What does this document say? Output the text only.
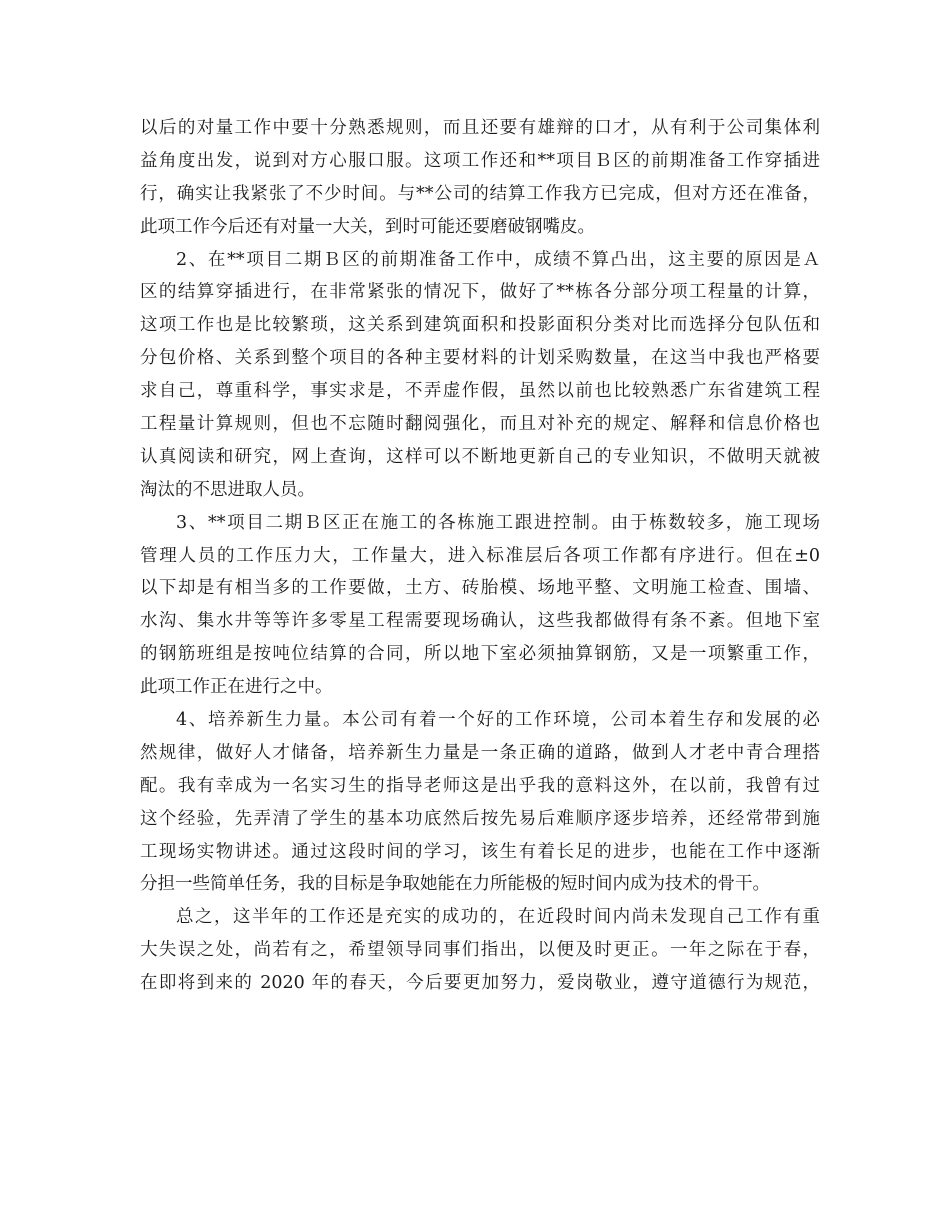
以后的对量工作中要十分熟悉规则，而且还要有雄辩的口才，从有利于公司集体利
益角度出发，说到对方心服口服。这项工作还和**项目Ｂ区的前期准备工作穿插进
行，确实让我紧张了不少时间。与**公司的结算工作我方已完成，但对方还在准备，
此项工作今后还有对量一大关，到时可能还要磨破钢嘴皮。
2、在**项目二期Ｂ区的前期准备工作中，成绩不算凸出，这主要的原因是Ａ
区的结算穿插进行，在非常紧张的情况下，做好了**栋各分部分项工程量的计算，
这项工作也是比较繁琐，这关系到建筑面积和投影面积分类对比而选择分包队伍和
分包价格、关系到整个项目的各种主要材料的计划采购数量，在这当中我也严格要
求自己，尊重科学，事实求是，不弄虚作假，虽然以前也比较熟悉广东省建筑工程
工程量计算规则，但也不忘随时翻阅强化，而且对补充的规定、解释和信息价格也
认真阅读和研究，网上查询，这样可以不断地更新自己的专业知识，不做明天就被
淘汰的不思进取人员。
3、**项目二期Ｂ区正在施工的各栋施工跟进控制。由于栋数较多，施工现场
管理人员的工作压力大，工作量大，进入标准层后各项工作都有序进行。但在±0
以下却是有相当多的工作要做，土方、砖胎模、场地平整、文明施工检查、围墙、
水沟、集水井等等许多零星工程需要现场确认，这些我都做得有条不紊。但地下室
的钢筋班组是按吨位结算的合同，所以地下室必须抽算钢筋，又是一项繁重工作，
此项工作正在进行之中。
4、培养新生力量。本公司有着一个好的工作环境，公司本着生存和发展的必
然规律，做好人才储备，培养新生力量是一条正确的道路，做到人才老中青合理搭
配。我有幸成为一名实习生的指导老师这是出乎我的意料这外，在以前，我曾有过
这个经验，先弄清了学生的基本功底然后按先易后难顺序逐步培养，还经常带到施
工现场实物讲述。通过这段时间的学习，该生有着长足的进步，也能在工作中逐渐
分担一些简单任务，我的目标是争取她能在力所能极的短时间内成为技术的骨干。
总之，这半年的工作还是充实的成功的，在近段时间内尚未发现自己工作有重
大失误之处，尚若有之，希望领导同事们指出，以便及时更正。一年之际在于春，
在即将到来的 2020 年的春天，今后要更加努力，爱岗敬业，遵守道德行为规范，
